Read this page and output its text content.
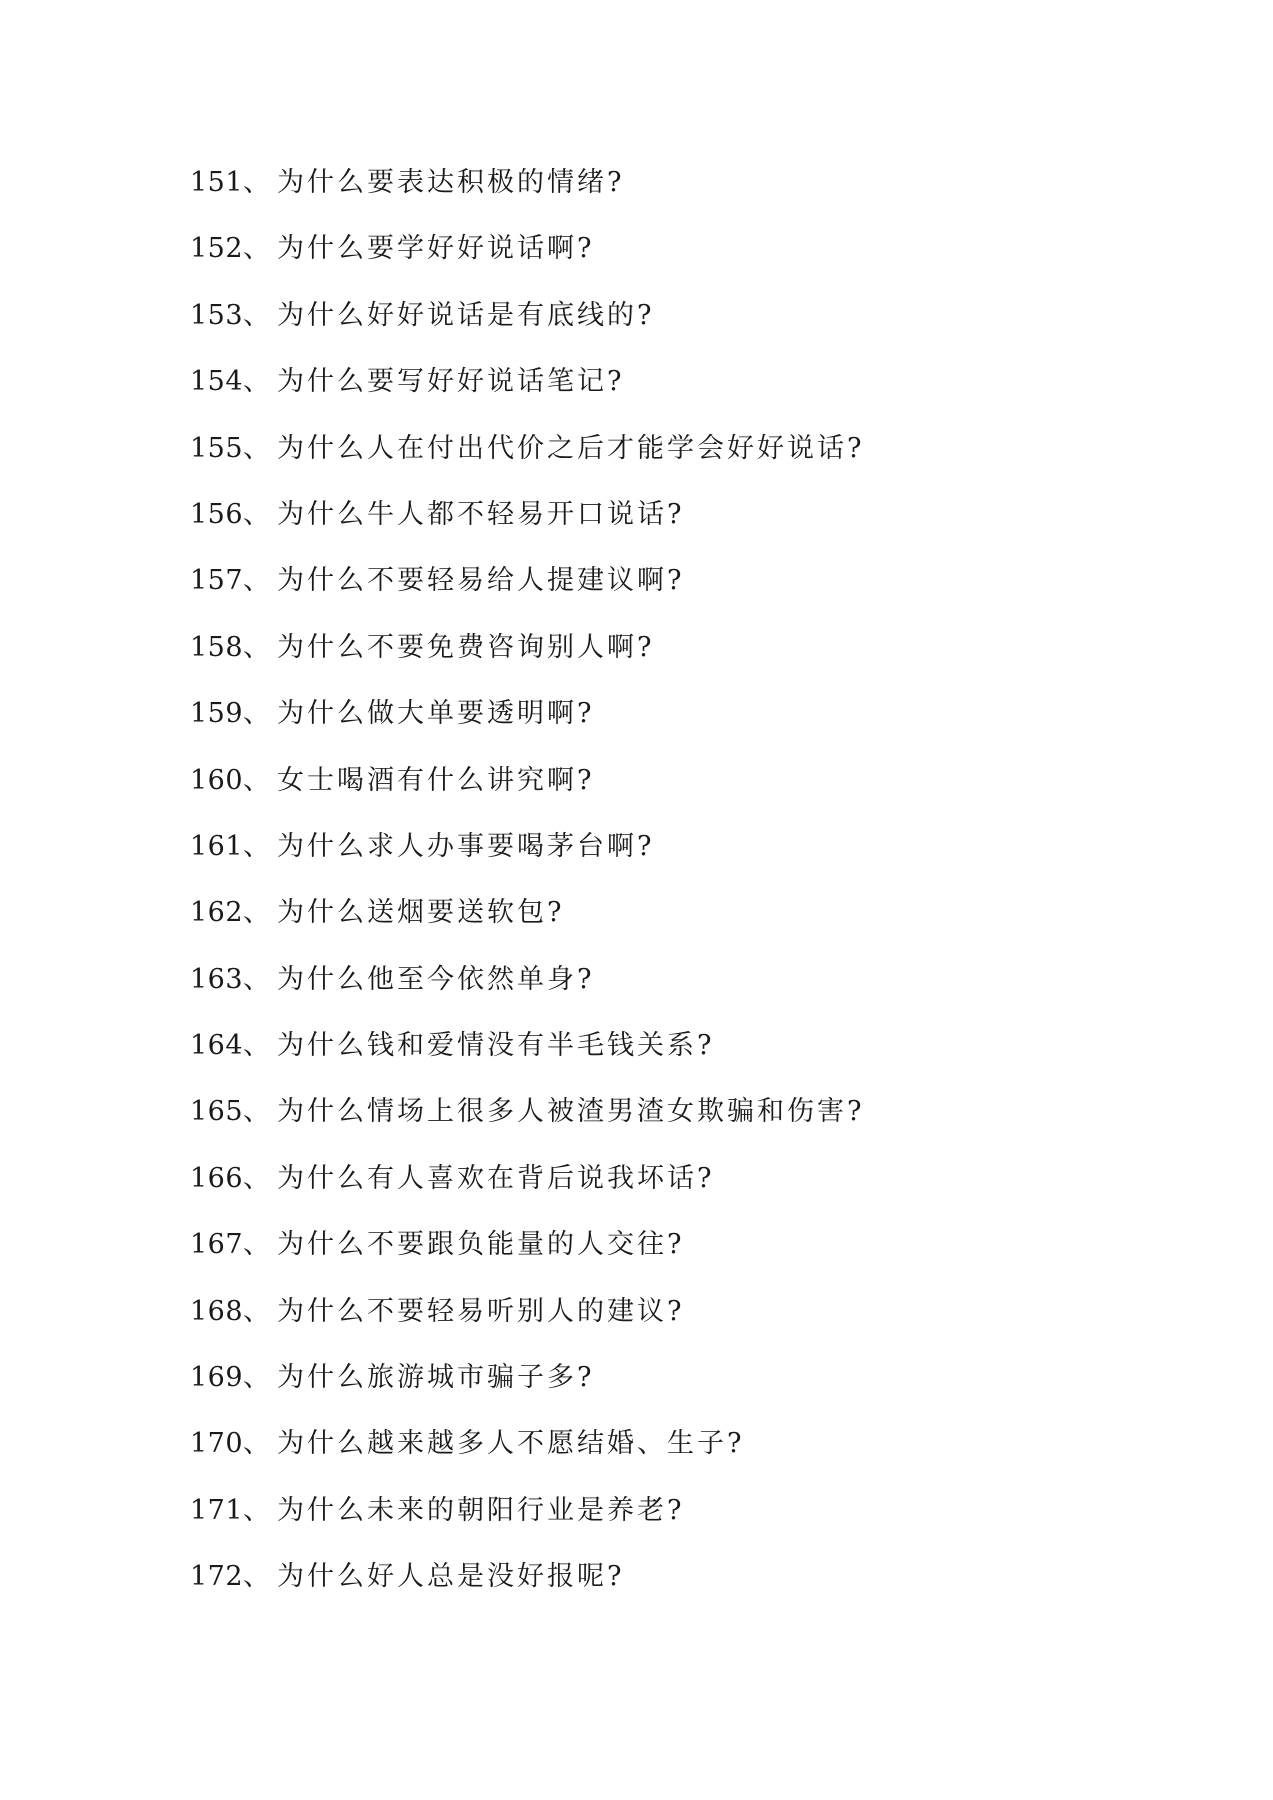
151 、 为什么要表达积极的情绪?
152 、 为什么要学好好说话啊?
153 、 为什么好好说话是有底线的?
154 、 为什么要写好好说话笔记?
155 、 为什么人在付出代价之后才能学会好好说话?
156 、 为什么牛人都不轻易开口说话?
157 、 为什么不要轻易给人提建议啊?
158 、 为什么不要免费咨询别人啊?
159 、 为什么做大单要透明啊?
160 、 女士喝酒有什么讲究啊?
161 、 为什么求人办事要喝茅台啊?
162 、 为什么送烟要送软包?
163 、 为什么他至今依然单身?
164 、 为什么钱和爱情没有半毛钱关系?
165 、 为什么情场上很多人被渣男渣女欺骗和伤害?
166 、 为什么有人喜欢在背后说我坏话?
167 、 为什么不要跟负能量的人交往?
168 、 为什么不要轻易听别人的建议?
169 、 为什么旅游城市骗子多?
170 、 为什么越来越多人不愿结婚、生子?
171 、 为什么未来的朝阳行业是养老?
172 、 为什么好人总是没好报呢?
